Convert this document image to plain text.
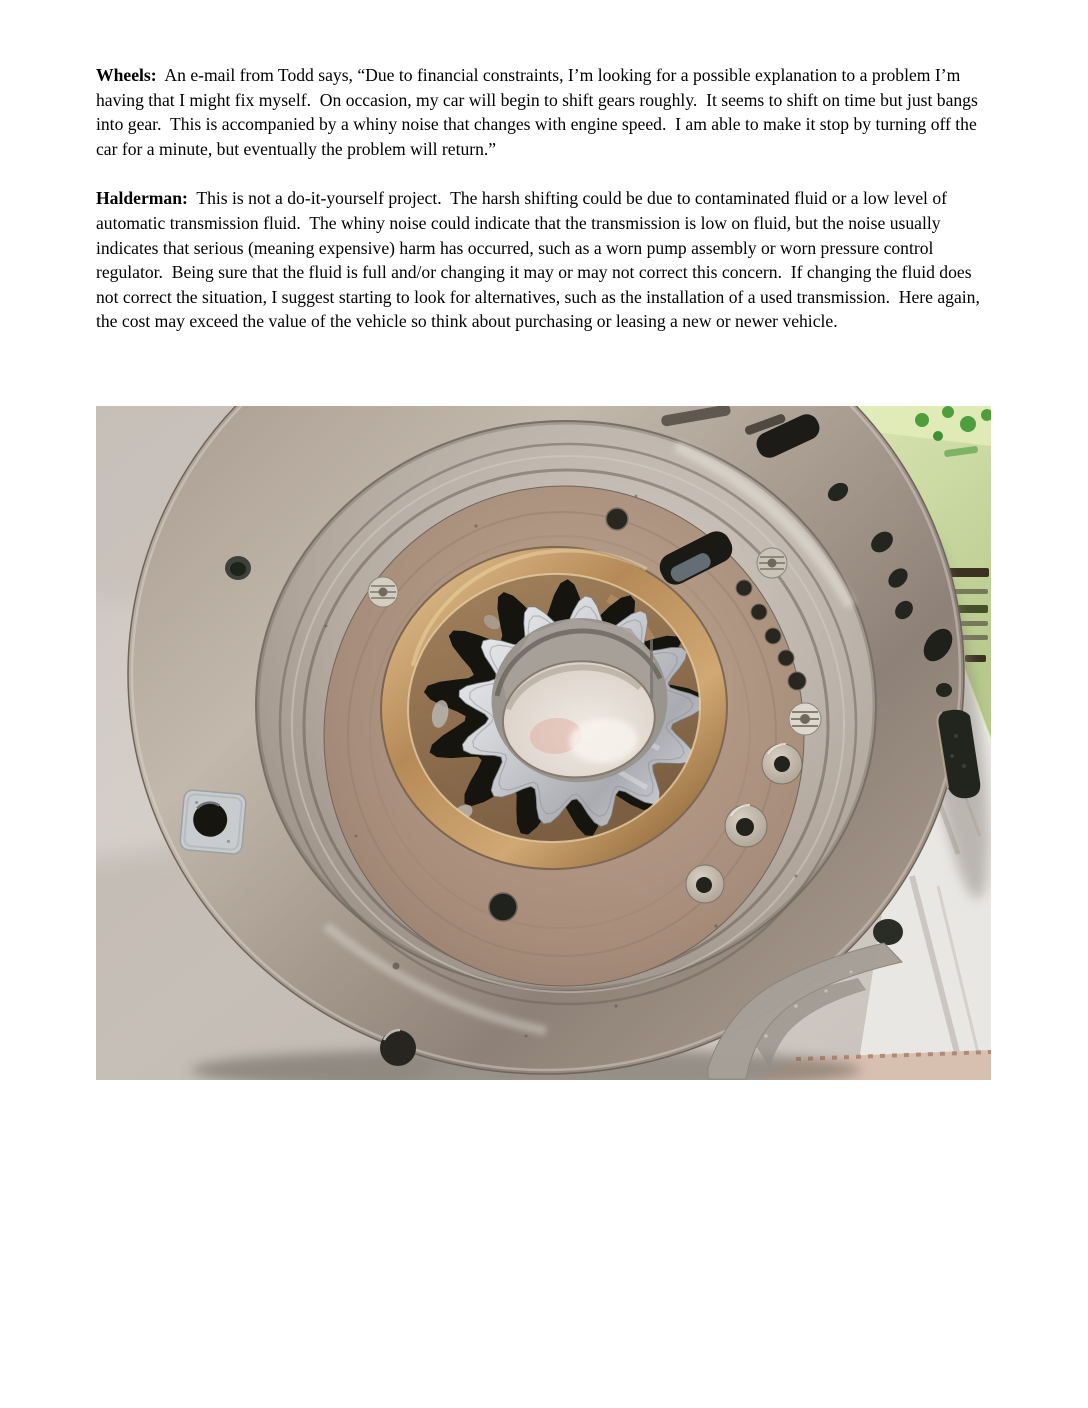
Wheels:  An e-mail from Todd says, “Due to financial constraints, I’m looking for a possible explanation to a problem I’m having that I might fix myself.  On occasion, my car will begin to shift gears roughly.  It seems to shift on time but just bangs into gear.  This is accompanied by a whiny noise that changes with engine speed.  I am able to make it stop by turning off the car for a minute, but eventually the problem will return.”

Halderman:  This is not a do-it-yourself project.  The harsh shifting could be due to contaminated fluid or a low level of automatic transmission fluid.  The whiny noise could indicate that the transmission is low on fluid, but the noise usually indicates that serious (meaning expensive) harm has occurred, such as a worn pump assembly or worn pressure control regulator.  Being sure that the fluid is full and/or changing it may or may not correct this concern.  If changing the fluid does not correct the situation, I suggest starting to look for alternatives, such as the installation of a used transmission.  Here again, the cost may exceed the value of the vehicle so think about purchasing or leasing a new or newer vehicle.
